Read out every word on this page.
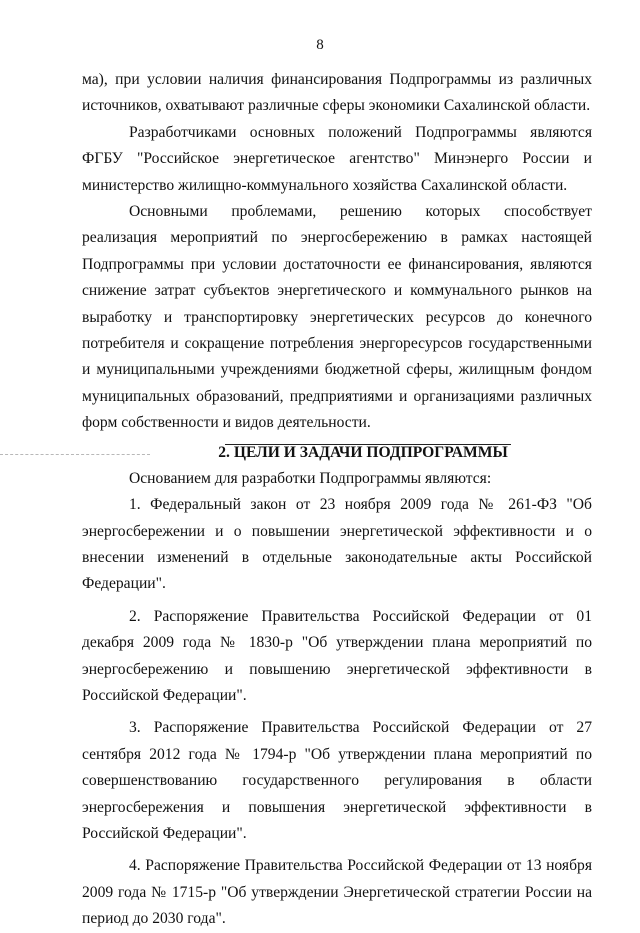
8

ма), при условии наличия финансирования Подпрограммы из различных источников, охватывают различные сферы экономики Сахалинской области.

Разработчиками основных положений Подпрограммы являются ФГБУ "Российское энергетическое агентство" Минэнерго России и министерство жилищно-коммунального хозяйства Сахалинской области.

Основными проблемами, решению которых способствует реализация мероприятий по энергосбережению в рамках настоящей Подпрограммы при условии достаточности ее финансирования, являются снижение затрат субъектов энергетического и коммунального рынков на выработку и транспортировку энергетических ресурсов до конечного потребителя и сокращение потребления энергоресурсов государственными и муниципальными учреждениями бюджетной сферы, жилищным фондом муниципальных образований, предприятиями и организациями различных форм собственности и видов деятельности.

2. ЦЕЛИ И ЗАДАЧИ ПОДПРОГРАММЫ

Основанием для разработки Подпрограммы являются:

1. Федеральный закон от 23 ноября 2009 года № 261-ФЗ "Об энергосбережении и о повышении энергетической эффективности и о внесении изменений в отдельные законодательные акты Российской Федерации".

2. Распоряжение Правительства Российской Федерации от 01 декабря 2009 года № 1830-р "Об утверждении плана мероприятий по энергосбережению и повышению энергетической эффективности в Российской Федерации".

3. Распоряжение Правительства Российской Федерации от 27 сентября 2012 года № 1794-р "Об утверждении плана мероприятий по совершенствованию государственного регулирования в области энергосбережения и повышения энергетической эффективности в Российской Федерации".

4. Распоряжение Правительства Российской Федерации от 13 ноября 2009 года № 1715-р "Об утверждении Энергетической стратегии России на период до 2030 года".
